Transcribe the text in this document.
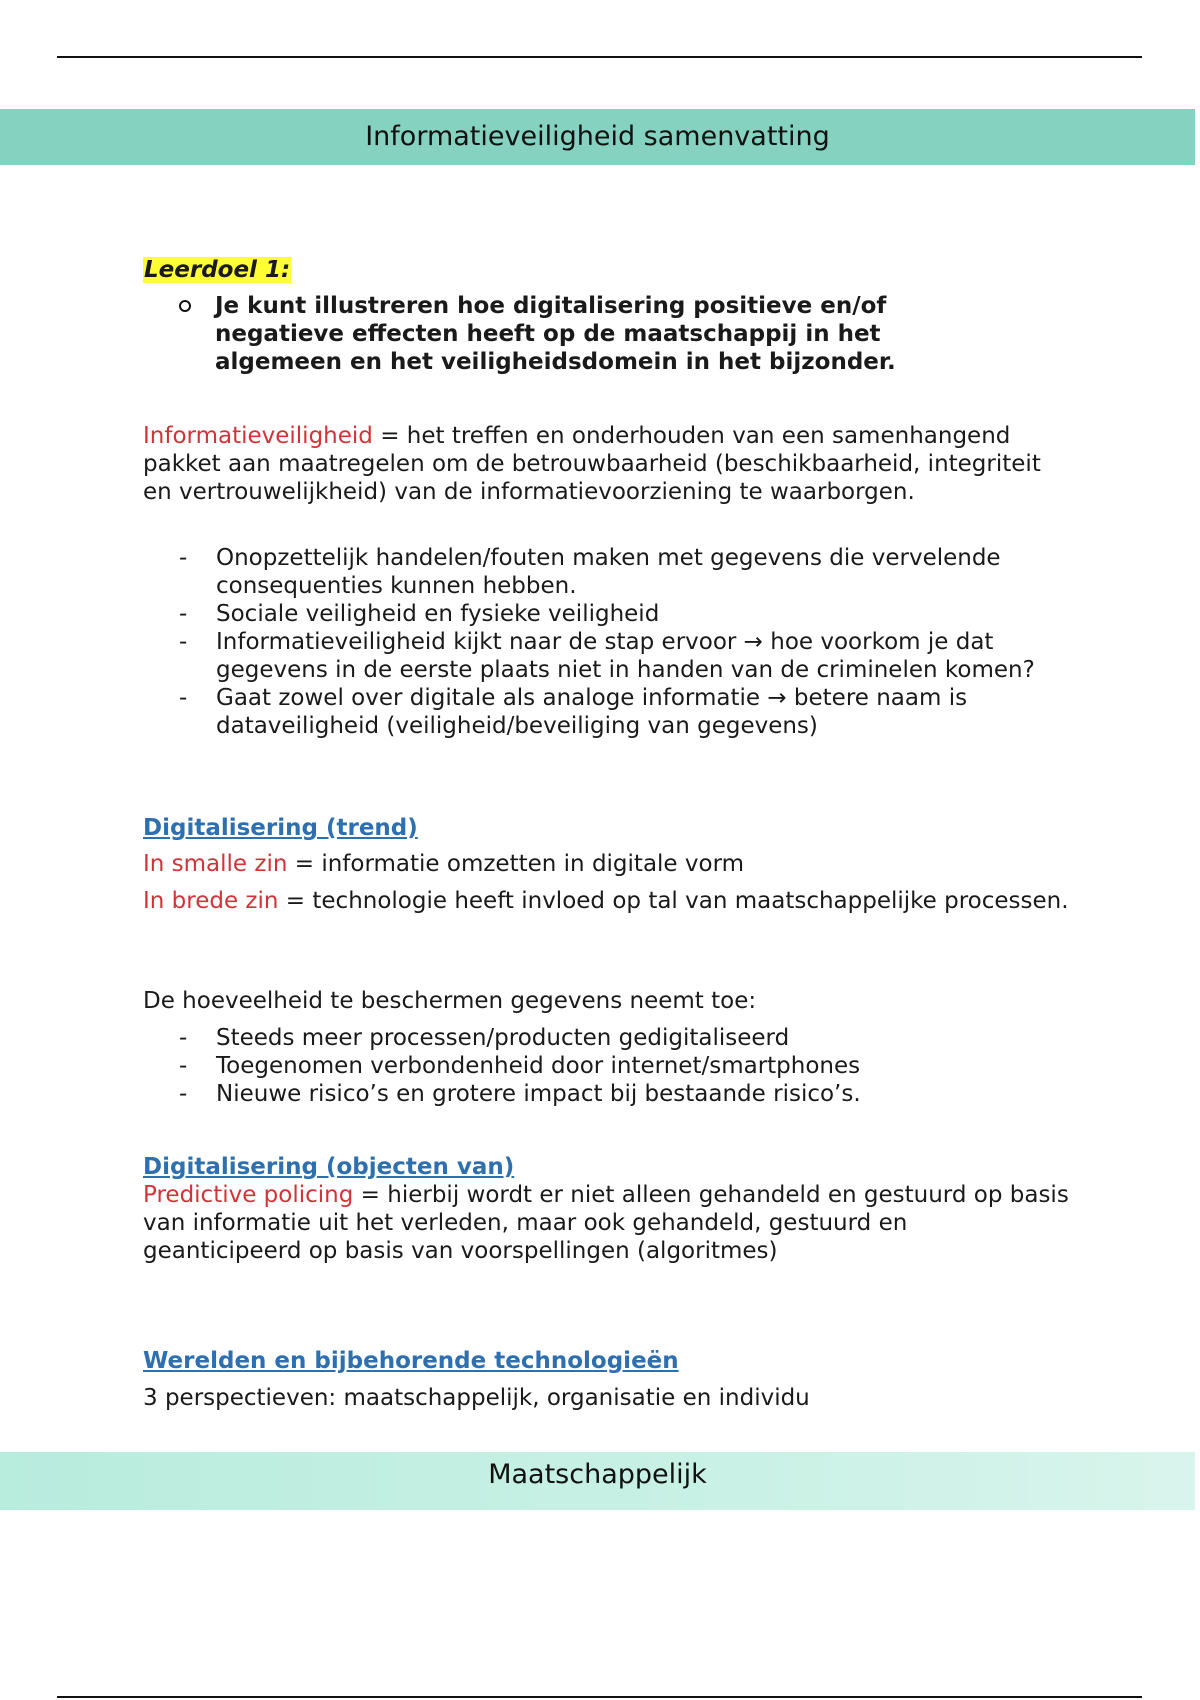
Informatieveiligheid samenvatting
Leerdoel 1:
Je kunt illustreren hoe digitalisering positieve en/of negatieve effecten heeft op de maatschappij in het algemeen en het veiligheidsdomein in het bijzonder.

Informatieveiligheid = het treffen en onderhouden van een samenhangend pakket aan maatregelen om de betrouwbaarheid (beschikbaarheid, integriteit en vertrouwelijkheid) van de informatievoorziening te waarborgen.

- Onopzettelijk handelen/fouten maken met gegevens die vervelende consequenties kunnen hebben.
- Sociale veiligheid en fysieke veiligheid
- Informatieveiligheid kijkt naar de stap ervoor → hoe voorkom je dat gegevens in de eerste plaats niet in handen van de criminelen komen?
- Gaat zowel over digitale als analoge informatie → betere naam is dataveiligheid (veiligheid/beveiliging van gegevens)
Digitalisering (trend)

In smalle zin = informatie omzetten in digitale vorm

In brede zin = technologie heeft invloed op tal van maatschappelijke processen.

De hoeveelheid te beschermen gegevens neemt toe:

- Steeds meer processen/producten gedigitaliseerd
- Toegenomen verbondenheid door internet/smartphones
- Nieuwe risico’s en grotere impact bij bestaande risico’s.
Digitalisering (objecten van)

Predictive policing = hierbij wordt er niet alleen gehandeld en gestuurd op basis van informatie uit het verleden, maar ook gehandeld, gestuurd en geanticipeerd op basis van voorspellingen (algoritmes)

Werelden en bijbehorende technologieën

3 perspectieven: maatschappelijk, organisatie en individu

Maatschappelijk
